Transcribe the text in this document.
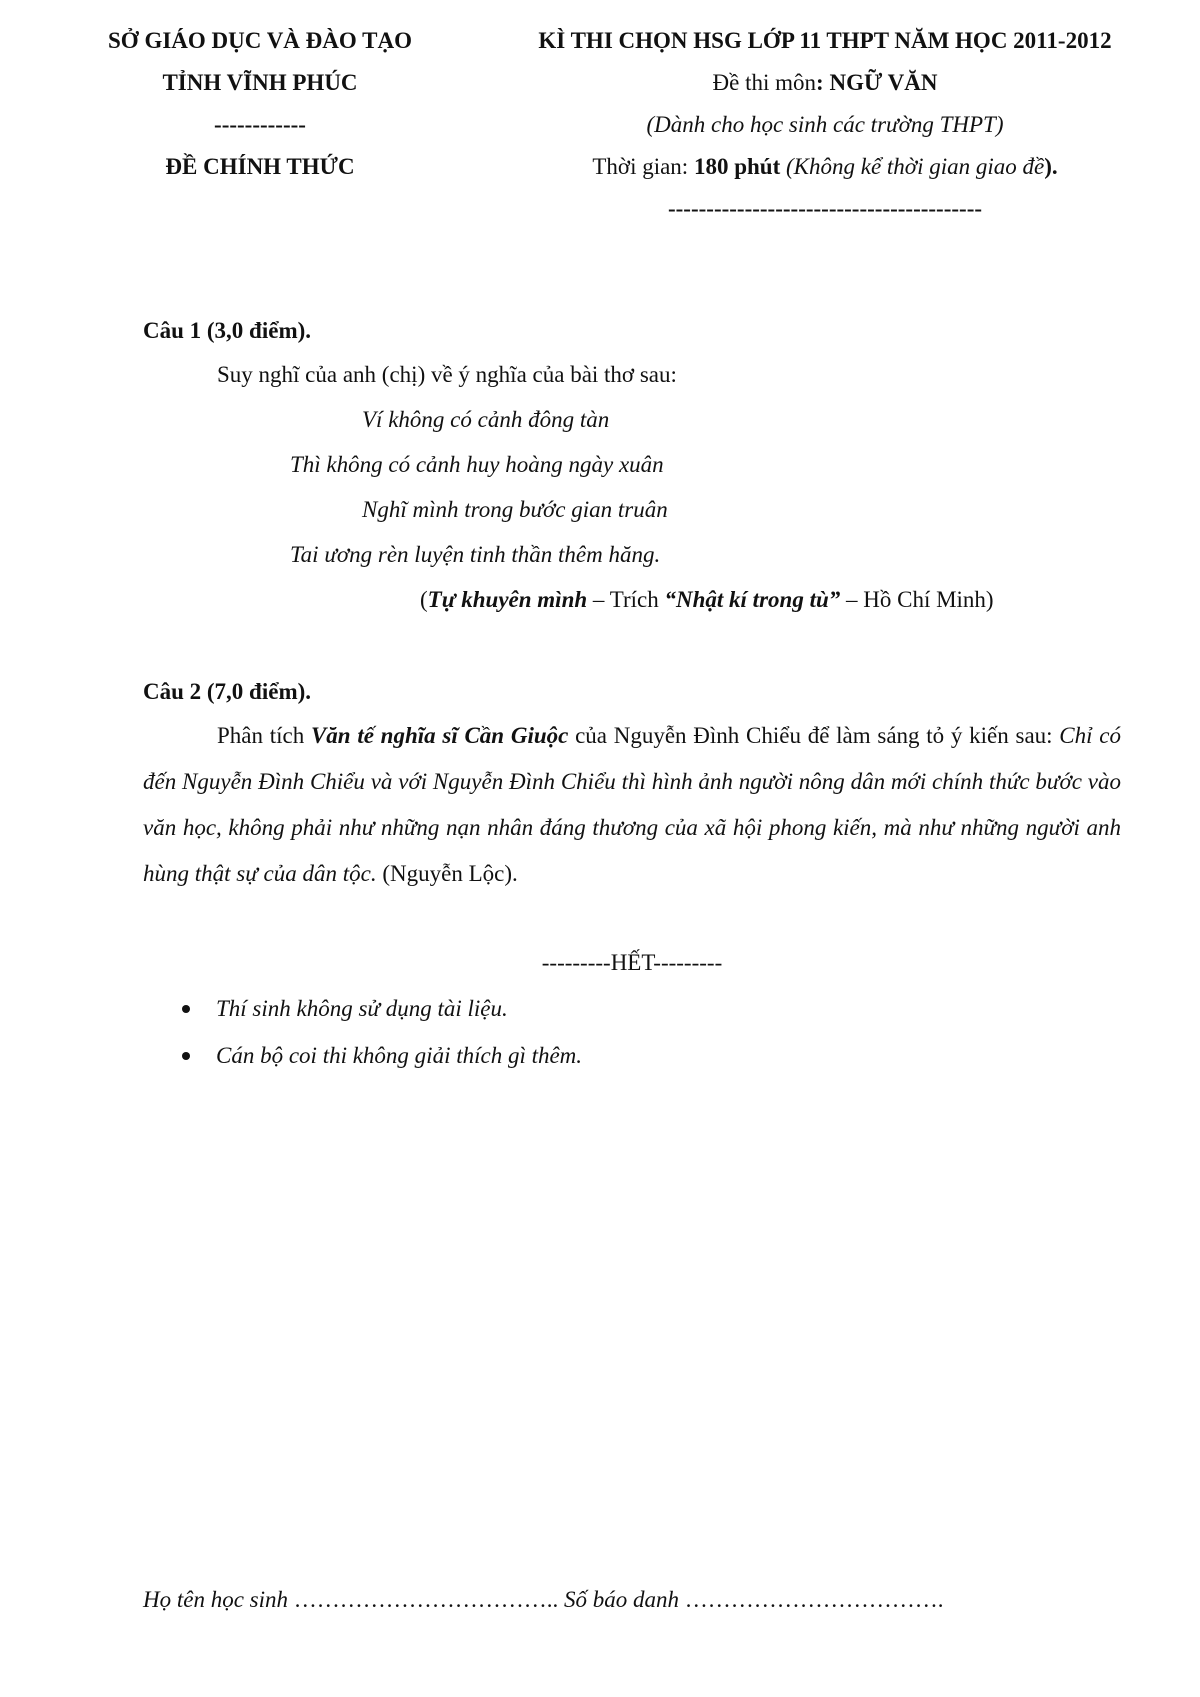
SỞ GIÁO DỤC VÀ ĐÀO TẠO
TỈNH VĨNH PHÚC
------------
ĐỀ CHÍNH THỨC
KÌ THI CHỌN HSG LỚP 11 THPT NĂM HỌC 2011-2012
Đề thi môn: NGỮ VĂN
(Dành cho học sinh các trường THPT)
Thời gian: 180 phút (Không kể thời gian giao đề).
-----------------------------------------
Câu 1 (3,0 điểm).
Suy nghĩ của anh (chị) về ý nghĩa của bài thơ sau:
Ví không có cảnh đông tàn
Thì không có cảnh huy hoàng ngày xuân
Nghĩ mình trong bước gian truân
Tai ương rèn luyện tinh thần thêm hăng.
(Tự khuyên mình – Trích “Nhật kí trong tù” – Hồ Chí Minh)
Câu 2 (7,0 điểm).
Phân tích Văn tế nghĩa sĩ Cần Giuộc của Nguyễn Đình Chiểu để làm sáng tỏ ý kiến sau: Chỉ có đến Nguyễn Đình Chiểu và với Nguyễn Đình Chiểu thì hình ảnh người nông dân mới chính thức bước vào văn học, không phải như những nạn nhân đáng thương của xã hội phong kiến, mà như những người anh hùng thật sự của dân tộc. (Nguyễn Lộc).
---------HẾT---------
Thí sinh không sử dụng tài liệu.
Cán bộ coi thi không giải thích gì thêm.
Họ tên học sinh …………………………….. Số báo danh …………………………….
